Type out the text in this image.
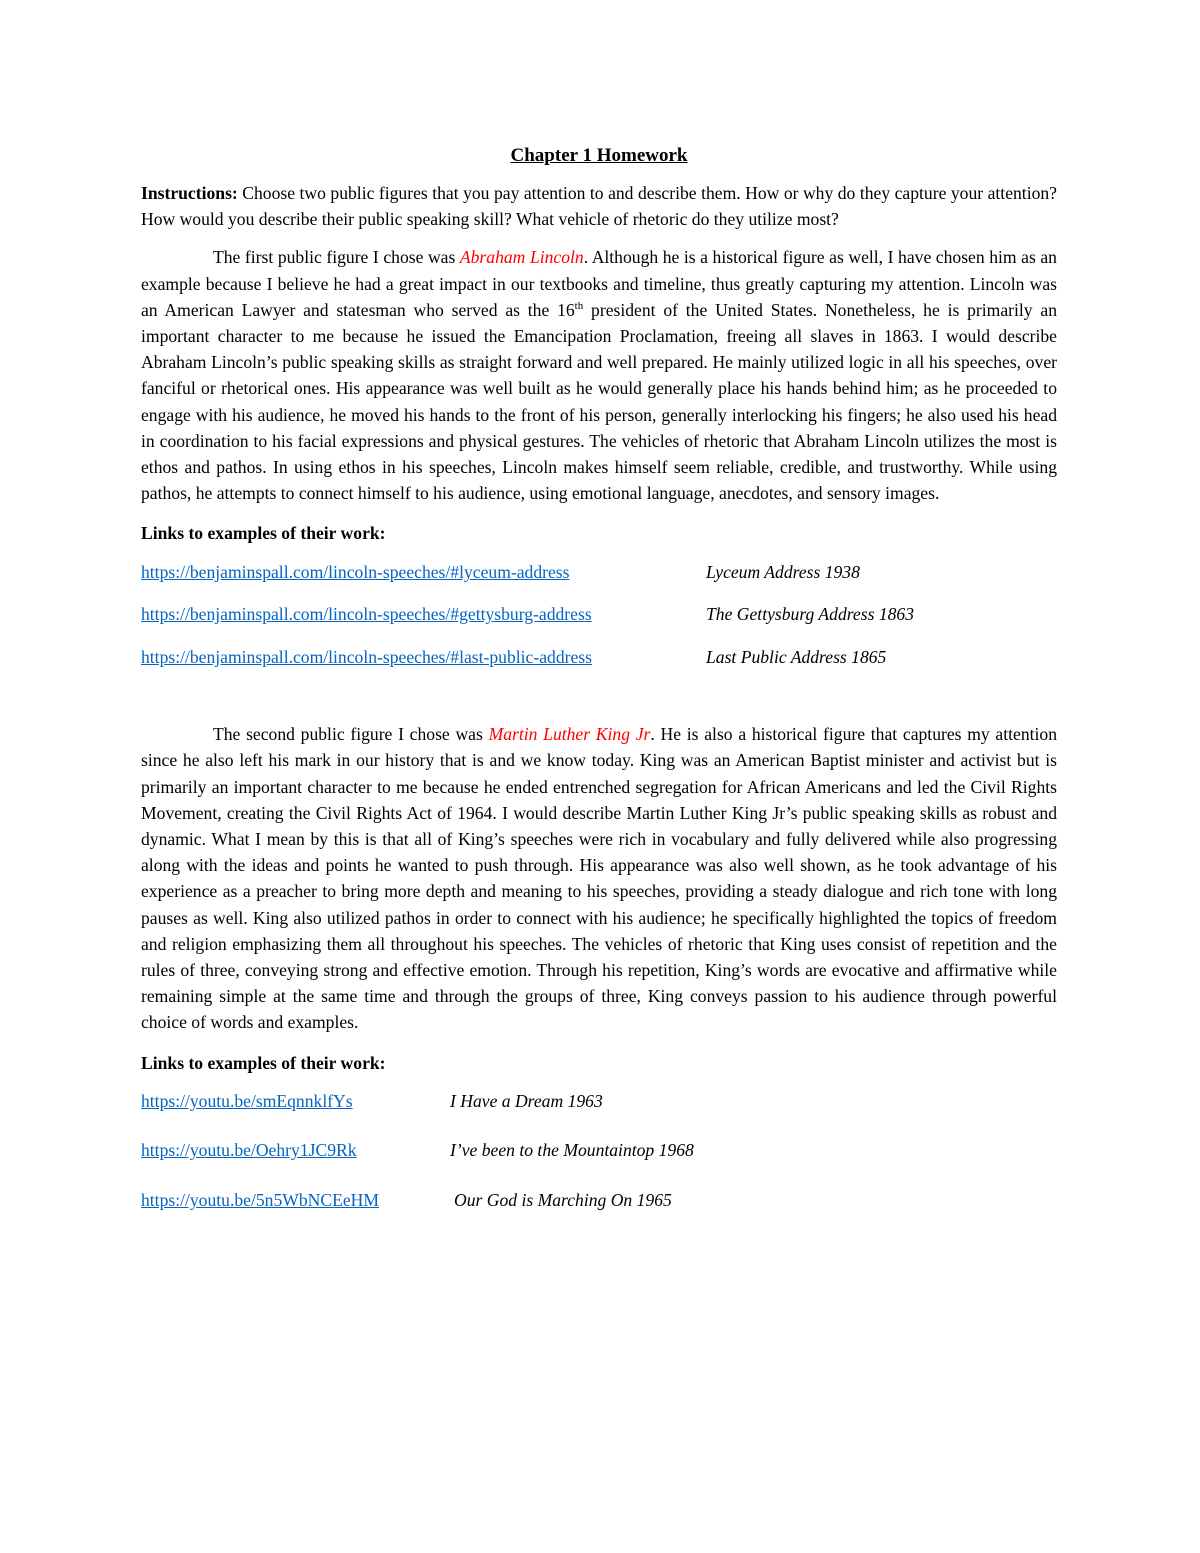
Chapter 1 Homework

Instructions: Choose two public figures that you pay attention to and describe them. How or why do they capture your attention? How would you describe their public speaking skill? What vehicle of rhetoric do they utilize most?

The first public figure I chose was Abraham Lincoln. Although he is a historical figure as well, I have chosen him as an example because I believe he had a great impact in our textbooks and timeline, thus greatly capturing my attention. Lincoln was an American Lawyer and statesman who served as the 16th president of the United States. Nonetheless, he is primarily an important character to me because he issued the Emancipation Proclamation, freeing all slaves in 1863. I would describe Abraham Lincoln’s public speaking skills as straight forward and well prepared. He mainly utilized logic in all his speeches, over fanciful or rhetorical ones. His appearance was well built as he would generally place his hands behind him; as he proceeded to engage with his audience, he moved his hands to the front of his person, generally interlocking his fingers; he also used his head in coordination to his facial expressions and physical gestures. The vehicles of rhetoric that Abraham Lincoln utilizes the most is ethos and pathos. In using ethos in his speeches, Lincoln makes himself seem reliable, credible, and trustworthy. While using pathos, he attempts to connect himself to his audience, using emotional language, anecdotes, and sensory images.

Links to examples of their work:
https://benjaminspall.com/lincoln-speeches/#lyceum-address	Lyceum Address 1938
https://benjaminspall.com/lincoln-speeches/#gettysburg-address	The Gettysburg Address 1863
https://benjaminspall.com/lincoln-speeches/#last-public-address	Last Public Address 1865

The second public figure I chose was Martin Luther King Jr. He is also a historical figure that captures my attention since he also left his mark in our history that is and we know today. King was an American Baptist minister and activist but is primarily an important character to me because he ended entrenched segregation for African Americans and led the Civil Rights Movement, creating the Civil Rights Act of 1964. I would describe Martin Luther King Jr’s public speaking skills as robust and dynamic. What I mean by this is that all of King’s speeches were rich in vocabulary and fully delivered while also progressing along with the ideas and points he wanted to push through. His appearance was also well shown, as he took advantage of his experience as a preacher to bring more depth and meaning to his speeches, providing a steady dialogue and rich tone with long pauses as well. King also utilized pathos in order to connect with his audience; he specifically highlighted the topics of freedom and religion emphasizing them all throughout his speeches. The vehicles of rhetoric that King uses consist of repetition and the rules of three, conveying strong and effective emotion. Through his repetition, King’s words are evocative and affirmative while remaining simple at the same time and through the groups of three, King conveys passion to his audience through powerful choice of words and examples.

Links to examples of their work:
https://youtu.be/smEqnnklfYs	I Have a Dream 1963
https://youtu.be/Oehry1JC9Rk	I’ve been to the Mountaintop 1968
https://youtu.be/5n5WbNCEeHM	Our God is Marching On 1965
